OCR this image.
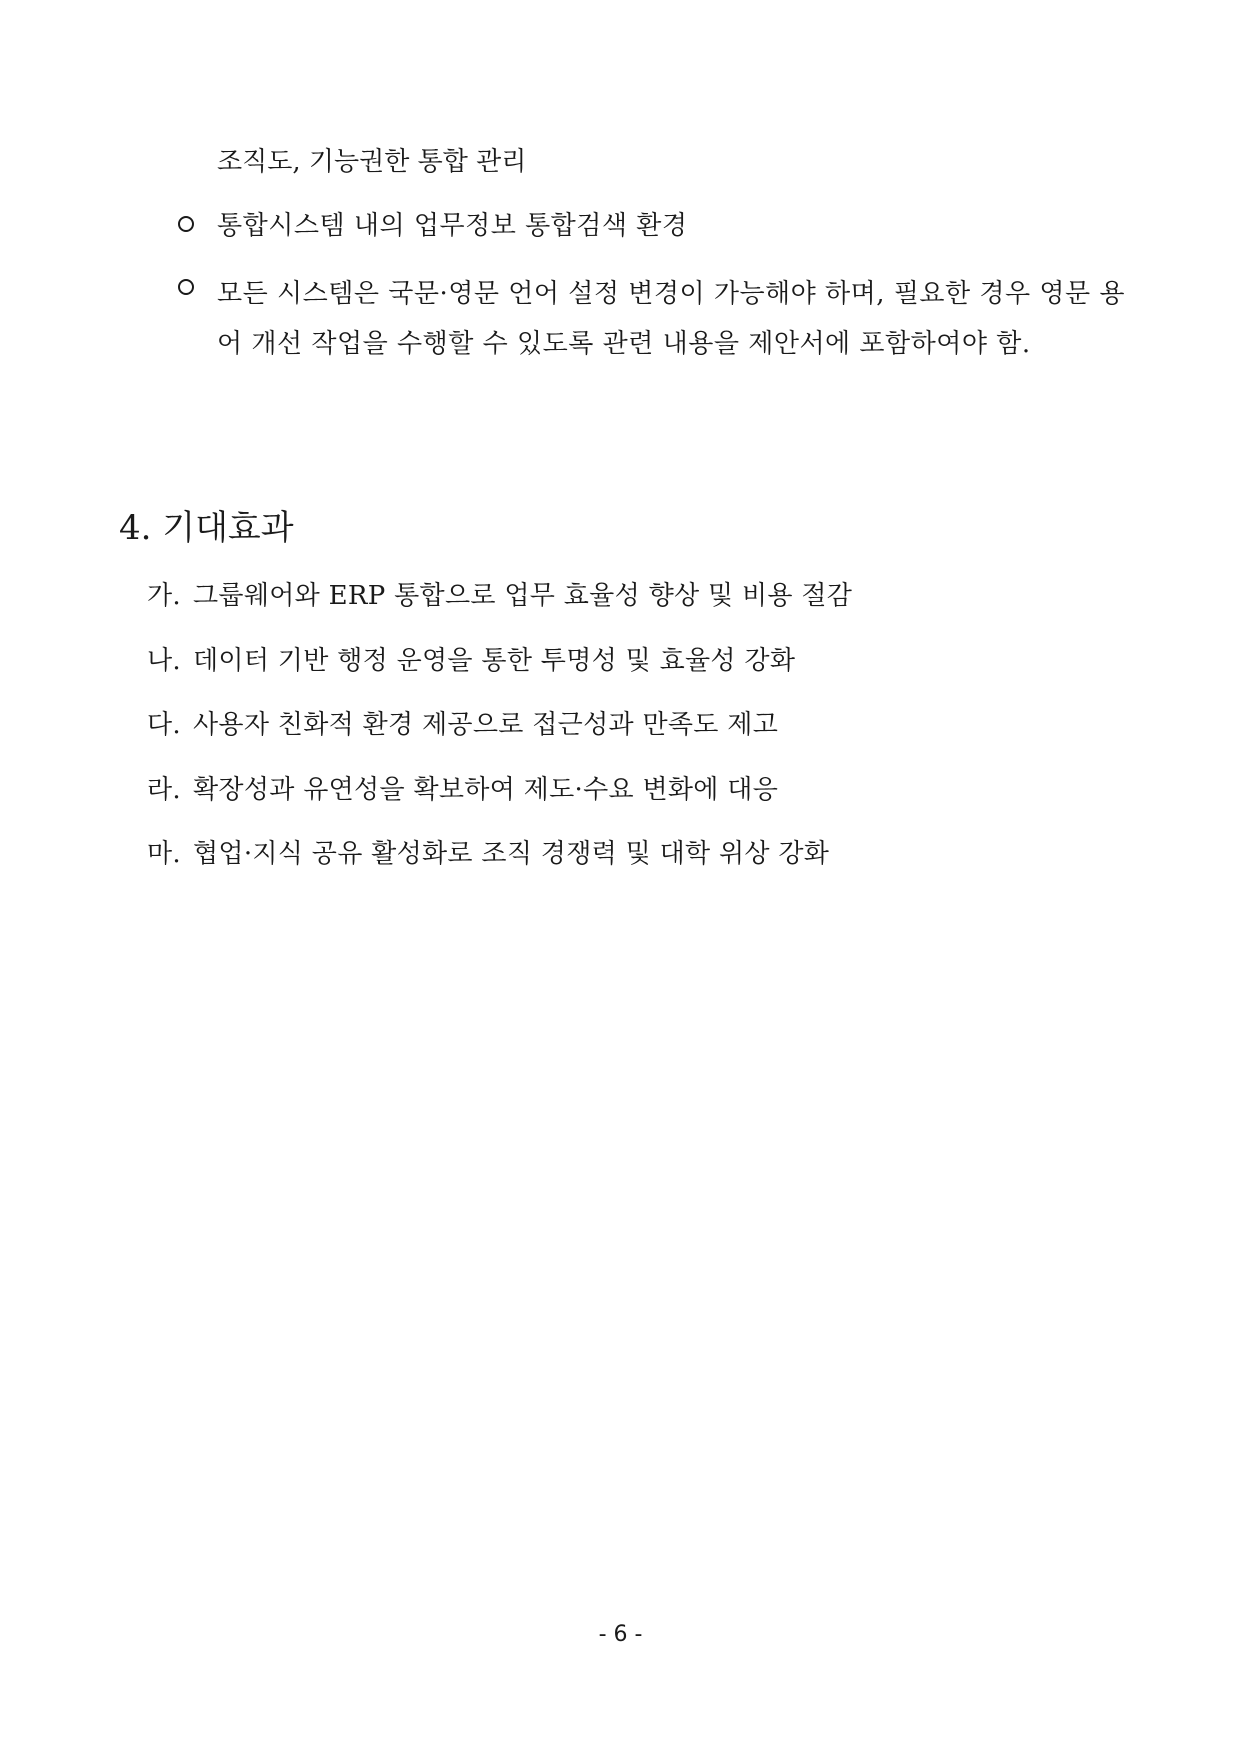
조직도, 기능권한 통합 관리
통합시스템 내의 업무정보 통합검색 환경
모든 시스템은 국문·영문 언어 설정 변경이 가능해야 하며, 필요한 경우 영문 용어 개선 작업을 수행할 수 있도록 관련 내용을 제안서에 포함하여야 함.
4. 기대효과
가. 그룹웨어와 ERP 통합으로 업무 효율성 향상 및 비용 절감
나. 데이터 기반 행정 운영을 통한 투명성 및 효율성 강화
다. 사용자 친화적 환경 제공으로 접근성과 만족도 제고
라. 확장성과 유연성을 확보하여 제도·수요 변화에 대응
마. 협업·지식 공유 활성화로 조직 경쟁력 및 대학 위상 강화
- 6 -
